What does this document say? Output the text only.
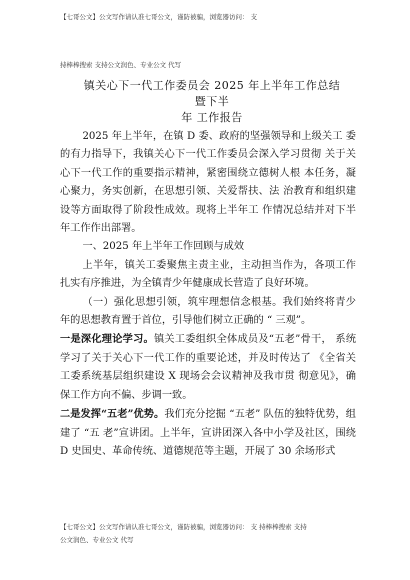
【七哥公文】公文写作请认准七哥公文，谨防被骗，浏览器访问： 支
持棒棒搜索 支持公文润色、专业公文 代写
镇关心下一代工作委员会 2025 年上半年工作总结暨下半
年 工作报告

2025 年上半年，在镇 D 委、政府的坚强领导和上级关工 委的有力指导下，我镇关心下一代工作委员会深入学习贯彻 关于关心下一代工作的重要指示精神，紧密围绕立德树人根 本任务，凝心聚力，务实创新，在思想引领、关爱帮扶、法 治教育和组织建设等方面取得了阶段性成效。现将上半年工 作情况总结并对下半年工作作出部署。

一、2025 年上半年工作回顾与成效

上半年，镇关工委聚焦主责主业，主动担当作为，各项工作扎实有序推进，为全镇青少年健康成长营造了良好环境。

（一）强化思想引领，筑牢理想信念根基。我们始终将青少年的思想教育置于首位，引导他们树立正确的 “ 三观”。

一是深化理论学习。镇关工委组织全体成员及“五老”骨干， 系统学习了关于关心下一代工作的重要论述，并及时传达了 《全省关工委系统基层组织建设 X 现场会会议精神及我市贯 彻意见》，确保工作方向不偏、步调一致。

二是发挥“五老”优势。我们充分挖掘 “五老” 队伍的独特优势，组建了 “五 老”宣讲团。上半年，宣讲团深入各中小学及社区，围绕 D 史国史、革命传统、道德规范等主题，开展了 30 余场形式

【七哥公文】公文写作请认准七哥公文，谨防被骗，浏览器访问： 支 持棒棒搜索 支持
公文润色、专业公文 代写
